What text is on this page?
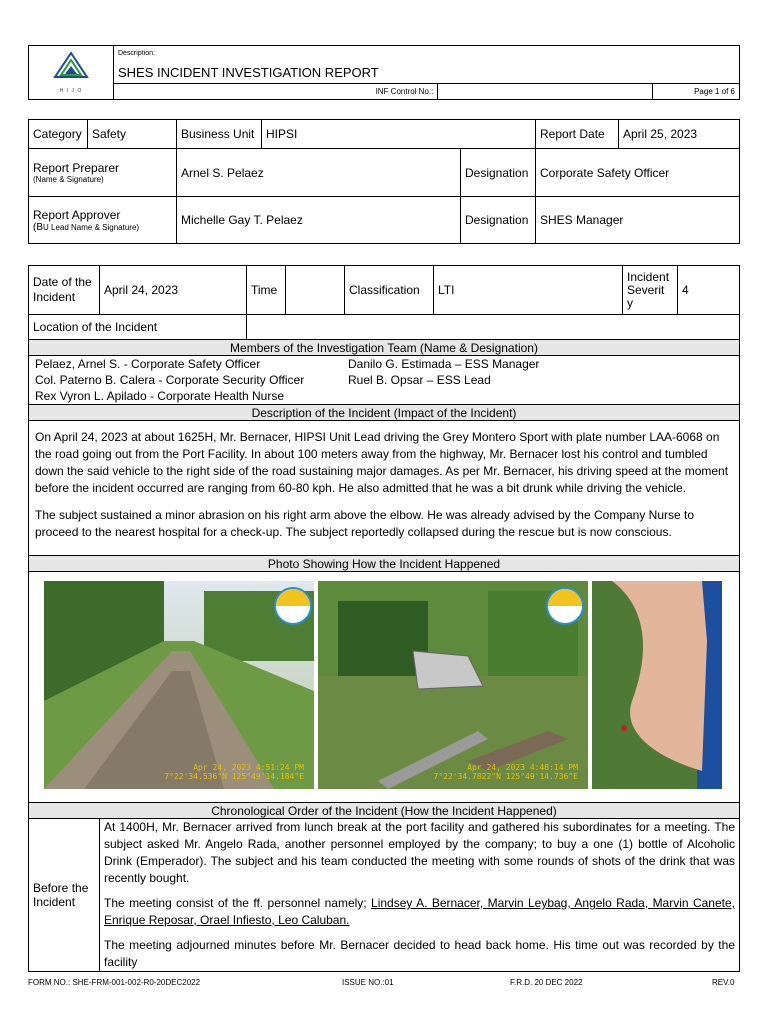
H I J O	Description:		
	SHES INCIDENT INVESTIGATION REPORT		
	INF Control No.:		Page 1 of 6
Category	Safety	Business Unit	HIPSI		Report Date	April 25, 2023

Report Preparer
(Name & Signature)		Arnel S. Pelaez		Designation	Corporate Safety Officer	

Report Approver
(BU Lead Name & Signature)		Michelle Gay T. Pelaez		Designation	SHES Manager	
Date of the Incident	April 24, 2023	Time		Classification	LTI	Incident Severit y	4
Location of the Incident							
Members of the Investigation Team (Name & Designation)							

Pelaez, Arnel S. - Corporate Safety Officer
Col. Paterno B. Calera - Corporate Security Officer
Rex Vyron L. Apilado - Corporate Health Nurse
Danilo G. Estimada – ESS Manager
Ruel B. Opsar – ESS Lead							

Description of the Incident (Impact of the Incident)							

On April 24, 2023 at about 1625H, Mr. Bernacer, HIPSI Unit Lead driving the Grey Montero Sport with plate number LAA-6068 on the road going out from the Port Facility. In about 100 meters away from the highway, Mr. Bernacer lost his control and tumbled down the said vehicle to the right side of the road sustaining major damages. As per Mr. Bernacer, his driving speed at the moment before the incident occurred are ranging from 60-80 kph. He also admitted that he was a bit drunk while driving the vehicle.

The subject sustained a minor abrasion on his right arm above the elbow. He was already advised by the Company Nurse to proceed to the nearest hospital for a check-up. The subject reportedly collapsed during the rescue but is now conscious.							

Photo Showing How the Incident Happened							

Chronological Order of the Incident (How the Incident Happened)							
Before the Incident	At 1400H, Mr. Bernacer arrived from lunch break at the port facility and gathered his subordinates for a meeting. The subject asked Mr. Angelo Rada, another personnel employed by the company; to buy a one (1) bottle of Alcoholic Drink (Emperador). The subject and his team conducted the meeting with some rounds of shots of the drink that was recently bought.

The meeting consist of the ff. personnel namely; Lindsey A. Bernacer, Marvin Leybag, Angelo Rada, Marvin Canete, Enrique Reposar, Orael Infiesto, Leo Caluban.

The meeting adjourned minutes before Mr. Bernacer decided to head back home. His time out was recorded by the facility						

Apr 24, 2023 4:51:24 PM
7°22'34.536"N 125°49'14.184"E
Apr 24, 2023 4:48:14 PM
7°22'34.7822"N 125°49'14.736"E
FORM NO.: SHE-FRM-001-002-R0-20DEC2022	ISSUE NO.:01	F.R.D. 20 DEC 2022	REV.0
